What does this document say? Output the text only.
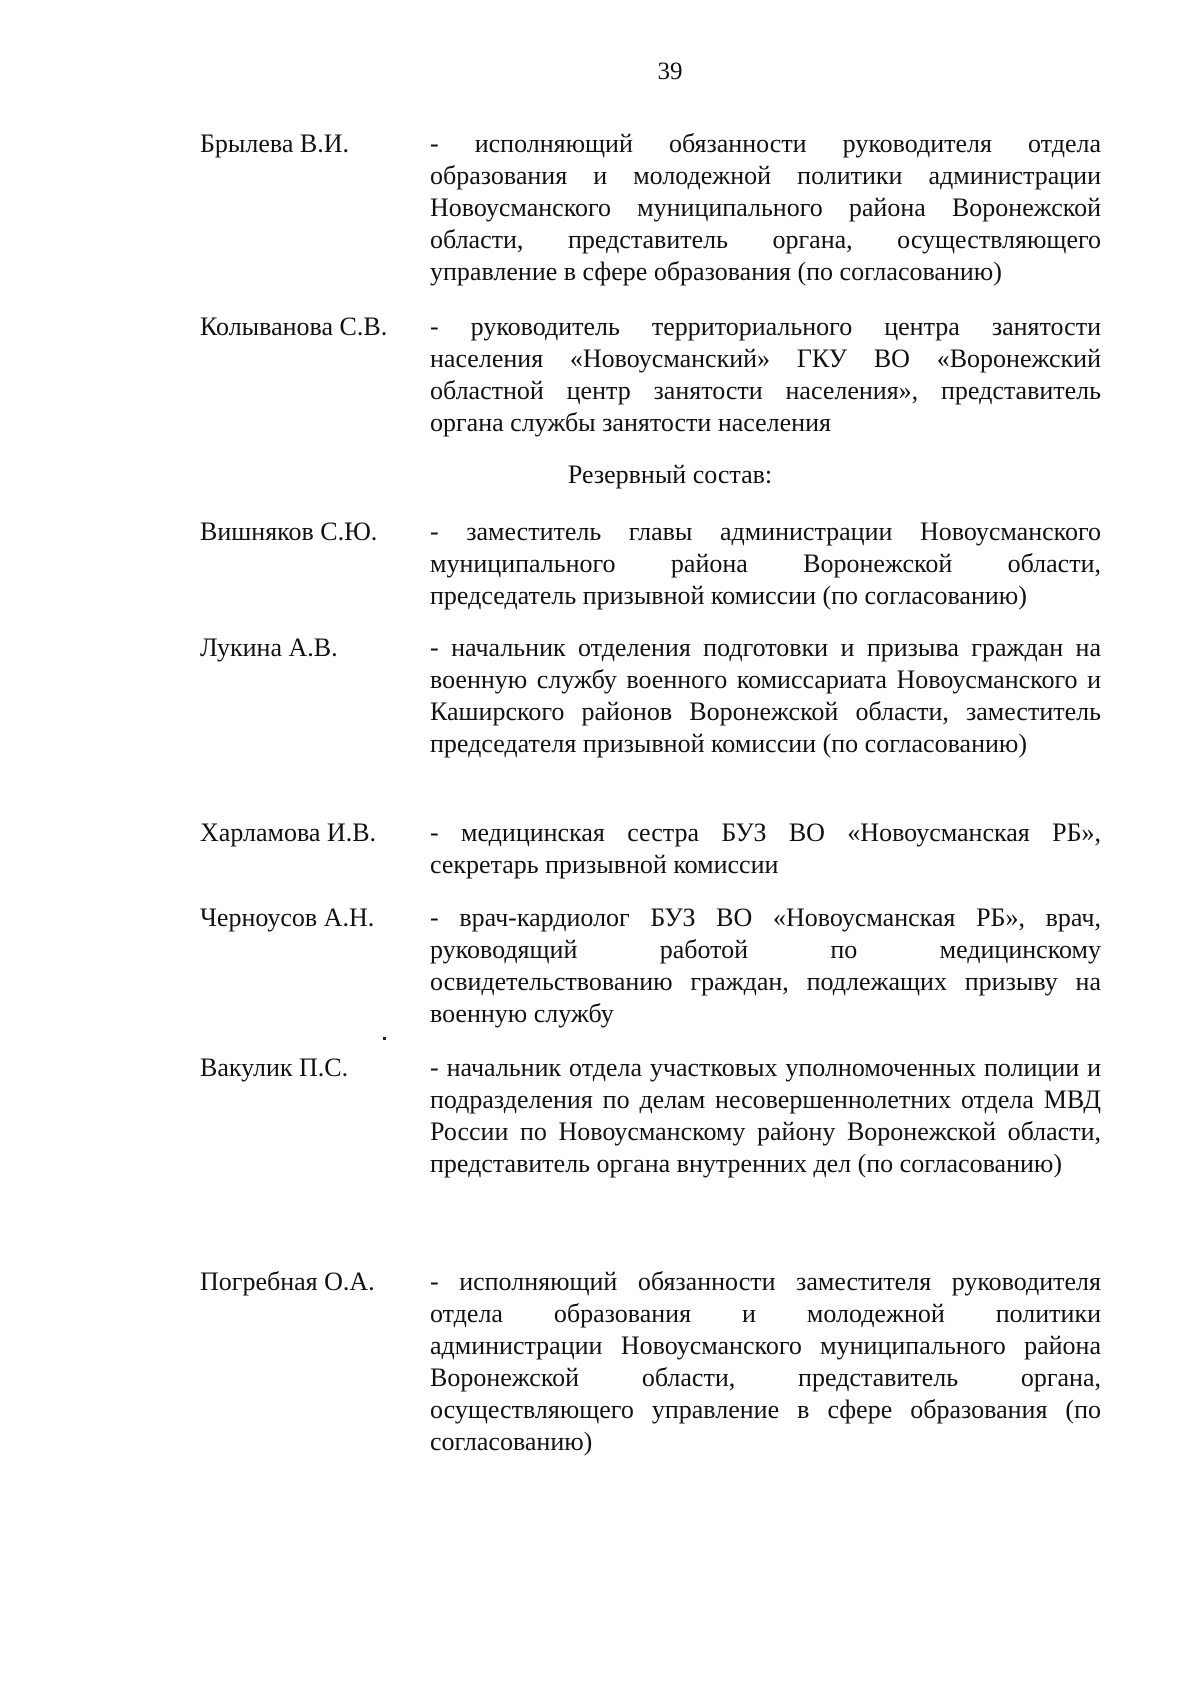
39
Брылева В.И.	- исполняющий обязанности руководителя отдела образования и молодежной политики администрации Новоусманского муниципального района Воронежской области, представитель органа, осуществляющего управление в сфере образования (по согласованию)
Колыванова С.В.	- руководитель территориального центра занятости населения «Новоусманский» ГКУ ВО «Воронежский областной центр занятости населения», представитель органа службы занятости населения
Резервный состав:
Вишняков С.Ю.	- заместитель главы администрации Новоусманского муниципального района Воронежской области, председатель призывной комиссии (по согласованию)
Лукина А.В.	- начальник отделения подготовки и призыва граждан на военную службу военного комиссариата Новоусманского и Каширского районов Воронежской области, заместитель председателя призывной комиссии (по согласованию)
Харламова И.В.	- медицинская сестра БУЗ ВО «Новоусманская РБ», секретарь призывной комиссии
Черноусов А.Н.	- врач-кардиолог БУЗ ВО «Новоусманская РБ», врач, руководящий работой по медицинскому освидетельствованию граждан, подлежащих призыву на военную службу
Вакулик П.С.	- начальник отдела участковых уполномоченных полиции и подразделения по делам несовершеннолетних отдела МВД России по Новоусманскому району Воронежской области, представитель органа внутренних дел (по согласованию)
Погребная О.А.	- исполняющий обязанности заместителя руководителя отдела образования и молодежной политики администрации Новоусманского муниципального района Воронежской области, представитель органа, осуществляющего управление в сфере образования (по согласованию)
